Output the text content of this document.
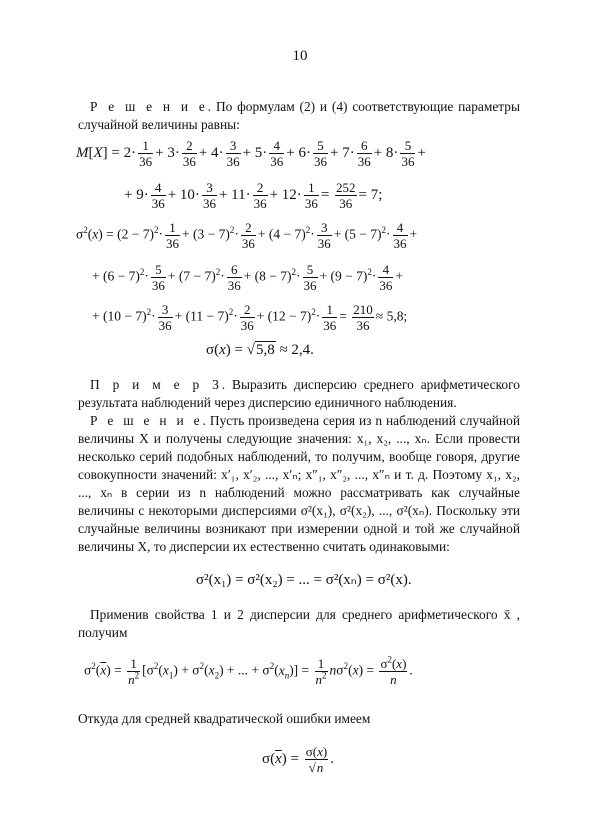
10
Р е ш е н и е. По формулам (2) и (4) соответствующие параметры случайной величины равны:
$M[X] = 2\cdot \frac{1}{36} + 3\cdot \frac{2}{36} + 4\cdot \frac{3}{36} + 5\cdot \frac{4}{36} + 6\cdot \frac{5}{36} + 7\cdot \frac{6}{36} + 8\cdot \frac{5}{36}$ +
+ $9\cdot \frac{4}{36} + 10\cdot \frac{3}{36} + 11\cdot \frac{2}{36} + 12\cdot \frac{1}{36} = \frac{252}{36} = 7$;
$\sigma^2(x) = (2 - 7)^2\cdot \frac{1}{36} + (3 - 7)^2\cdot \frac{2}{36} + (4 - 7)^2\cdot \frac{3}{36} + (5 - 7)^2\cdot \frac{4}{36}$ +
+ $(6 - 7)^2\cdot \frac{5}{36} + (7 - 7)^2\cdot \frac{6}{36} + (8 - 7)^2\cdot \frac{5}{36} + (9 - 7)^2\cdot \frac{4}{36}$ +
+ $(10 - 7)^2\cdot \frac{3}{36} + (11 - 7)^2\cdot \frac{2}{36} + (12 - 7)^2\cdot \frac{1}{36} = \frac{210}{36} \approx 5,8$;
σ(x) = √5,8 ≈ 2,4.
П р и м е р 3. Выразить дисперсию среднего арифметического результата наблюдений через дисперсию единичного наблюдения.
Р е ш е н и е. Пусть произведена серия из n наблюдений случайной величины X и получены следующие значения: x₁, x₂, ..., xₙ. Если провести несколько серий подобных наблюдений, то получим, вообще говоря, другие совокупности значений: x′₁, x′₂, ..., x′ₙ; x″₁, x″₂, ..., x″ₙ и т. д. Поэтому x₁, x₂, ..., xₙ в серии из n наблюдений можно рассматривать как случайные величины с некоторыми дисперсиями σ²(x₁), σ²(x₂), ..., σ²(xₙ). Поскольку эти случайные величины возникают при измерении одной и той же случайной величины X, то дисперсии их естественно считать одинаковыми:
σ²(x₁) = σ²(x₂) = ... = σ²(xₙ) = σ²(x).
Применив свойства 1 и 2 дисперсии для среднего арифметического x̄ , получим
$\sigma^2(\overline{x}) = \frac{1}{n^2} [\sigma^2(x_1) + \sigma^2(x_2)$ + ... + $\sigma^2(x_n)] = \frac{1}{n^2} n\sigma^2(x) = \frac{\sigma^2(x)}{n}$ .
Откуда для средней квадратической ошибки имеем
$\sigma(\overline{x}) = \frac{\sigma(x)}{√n}$ .
